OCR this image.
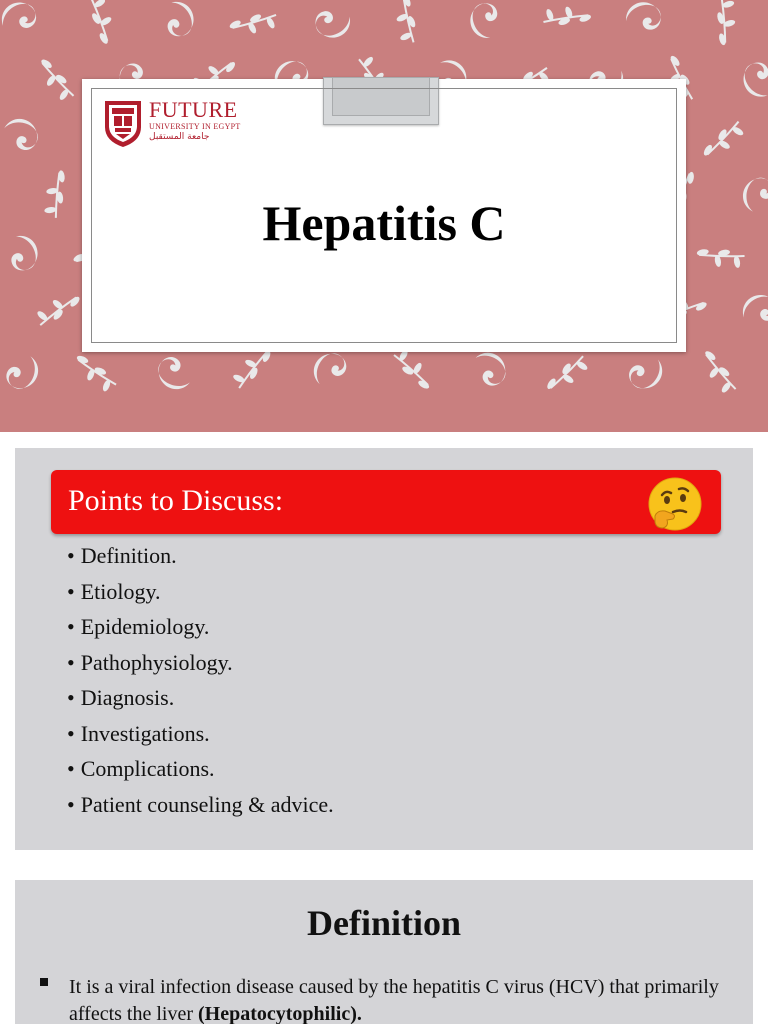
FUTURE
UNIVERSITY IN EGYPT
جامعة المستقبل
Hepatitis C
Points to Discuss:
• Definition.
• Etiology.
• Epidemiology.
• Pathophysiology.
• Diagnosis.
• Investigations.
• Complications.
• Patient counseling & advice.
Definition
It is a viral infection disease caused by the hepatitis C virus (HCV) that primarily affects the liver (Hepatocytophilic).
